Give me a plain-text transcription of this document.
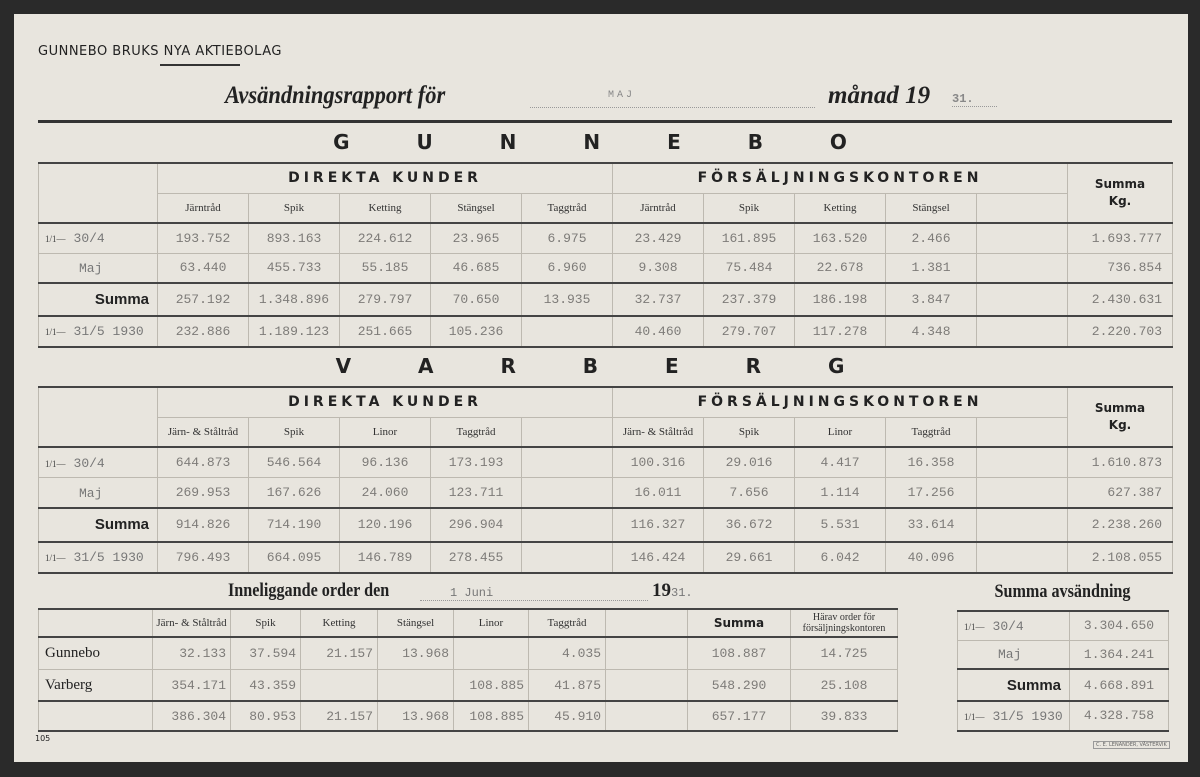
GUNNEBO BRUKS NYA AKTIEBOLAG
Avsändningsrapport för	MAJ	månad 19 31.
G U N N E B O
	DIREKTA KUNDER					FÖRSÄLJNINGSKONTOREN					Summa
Kg.

	Järntråd	Spik	Ketting	Stängsel	Taggtråd	Järntråd	Spik	Ketting	Stängsel		
1/1— 30/4	193.752	893.163	224.612	23.965	6.975	23.429	161.895	163.520	2.466		1.693.777
Maj	63.440	455.733	55.185	46.685	6.960	9.308	75.484	22.678	1.381		736.854
Summa	257.192	1.348.896	279.797	70.650	13.935	32.737	237.379	186.198	3.847		2.430.631
1/1— 31/5 1930	232.886	1.189.123	251.665	105.236		40.460	279.707	117.278	4.348		2.220.703
V A R B E R G
	DIREKTA KUNDER					FÖRSÄLJNINGSKONTOREN					Summa
Kg.

	Järn- & Ståltråd	Spik	Linor	Taggtråd		Järn- & Ståltråd	Spik	Linor	Taggtråd		
1/1— 30/4	644.873	546.564	96.136	173.193		100.316	29.016	4.417	16.358		1.610.873
Maj	269.953	167.626	24.060	123.711		16.011	7.656	1.114	17.256		627.387
Summa	914.826	714.190	120.196	296.904		116.327	36.672	5.531	33.614		2.238.260
1/1— 31/5 1930	796.493	664.095	146.789	278.455		146.424	29.661	6.042	40.096		2.108.055
Inneliggande order den	1 Juni	1931.
	Järn- & Ståltråd	Spik	Ketting	Stängsel	Linor	Taggtråd		Summa	Härav order för försäljningskontoren
Gunnebo	32.133	37.594	21.157	13.968		4.035		108.887	14.725
Varberg	354.171	43.359			108.885	41.875		548.290	25.108
	386.304	80.953	21.157	13.968	108.885	45.910		657.177	39.833
Summa avsändning
1/1— 30/4	3.304.650
Maj	1.364.241
Summa	4.668.891
1/1— 31/5 1930	4.328.758
105
C. E. LENANDER, VÄSTERVIK
